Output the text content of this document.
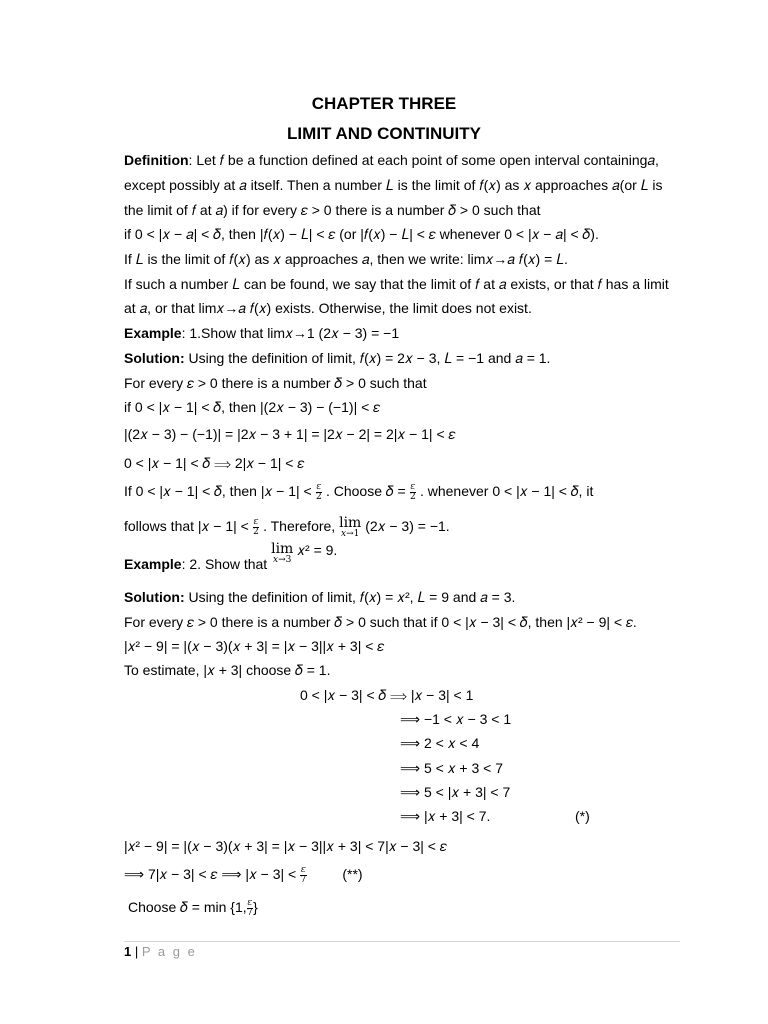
CHAPTER THREE
LIMIT AND CONTINUITY
Definition: Let 𝑓 be a function defined at each point of some open interval containing𝑎,
except possibly at 𝑎 itself. Then a number 𝐿 is the limit of 𝑓(𝑥) as 𝑥 approaches 𝑎(or 𝐿 is
the limit of 𝑓 at 𝑎) if for every 𝜀 > 0 there is a number 𝛿 > 0 such that
if 0 < |𝑥 − 𝑎| < 𝛿, then |𝑓(𝑥) − 𝐿| < 𝜀 (or |𝑓(𝑥) − 𝐿| < 𝜀 whenever 0 < |𝑥 − 𝑎| < 𝛿).
If 𝐿 is the limit of 𝑓(𝑥) as 𝑥 approaches 𝑎, then we write: lim𝑥→𝑎 𝑓(𝑥) = 𝐿.
If such a number 𝐿 can be found, we say that the limit of 𝑓 at 𝑎 exists, or that 𝑓 has a limit
at 𝑎, or that lim𝑥→𝑎 𝑓(𝑥) exists. Otherwise, the limit does not exist.
Example: 1.Show that lim𝑥→1 (2𝑥 − 3) = −1
Solution: Using the definition of limit, 𝑓(𝑥) = 2𝑥 − 3, 𝐿 = −1 and 𝑎 = 1.
For every 𝜀 > 0 there is a number 𝛿 > 0 such that
if 0 < |𝑥 − 1| < 𝛿, then |(2𝑥 − 3) − (−1)| < 𝜀
|(2𝑥 − 3) − (−1)| = |2𝑥 − 3 + 1| = |2𝑥 − 2| = 2|𝑥 − 1| < 𝜀
0 < |𝑥 − 1| < 𝛿 ⟹ 2|𝑥 − 1| < 𝜀
If 0 < |𝑥 − 1| < 𝛿, then |𝑥 − $1| < \frac{\text{𝜀}}{2}$ . Choose 𝛿 = $\frac{\text{𝜀}}{2}$ . whenever 0 < |𝑥 − 1| < 𝛿, it
follows that |𝑥 − $1| < \frac{\text{𝜀}}{2}$ . Therefore, lim
𝑥→1 (2𝑥 − 3) = −1.
Example: 2. Show that lim
𝑥→3
𝑥² = 9.
Solution: Using the definition of limit, 𝑓(𝑥) = 𝑥², 𝐿 = 9 and 𝑎 = 3.
For every 𝜀 > 0 there is a number 𝛿 > 0 such that if 0 < |𝑥 − 3| < 𝛿, then |𝑥² − 9| < 𝜀.
|𝑥² − 9| = |(𝑥 − 3)(𝑥 + 3| = |𝑥 − 3||𝑥 + 3| < 𝜀
To estimate, |𝑥 + 3| choose 𝛿 = 1.
0 < |𝑥 − 3| < 𝛿 ⟹ |𝑥 − 3| < 1
⟹ −1 < 𝑥 − 3 < 1
⟹ 2 < 𝑥 < 4
⟹ 5 < 𝑥 + 3 < 7
⟹ 5 < |𝑥 + 3| < 7
⟹ |𝑥 + 3| < 7.	(*)
|𝑥² − 9| = |(𝑥 − 3)(𝑥 + 3| = |𝑥 − 3||𝑥 + 3| < 7|𝑥 − 3| < 𝜀
⟹ 7|𝑥 − 3| < 𝜀 ⟹ |𝑥 − $3| < \frac{\text{𝜀}}{7}$	(**)
Choose 𝛿 = min {1, $\frac{\text{𝜀}}{7}$ }
1 | P a g e
